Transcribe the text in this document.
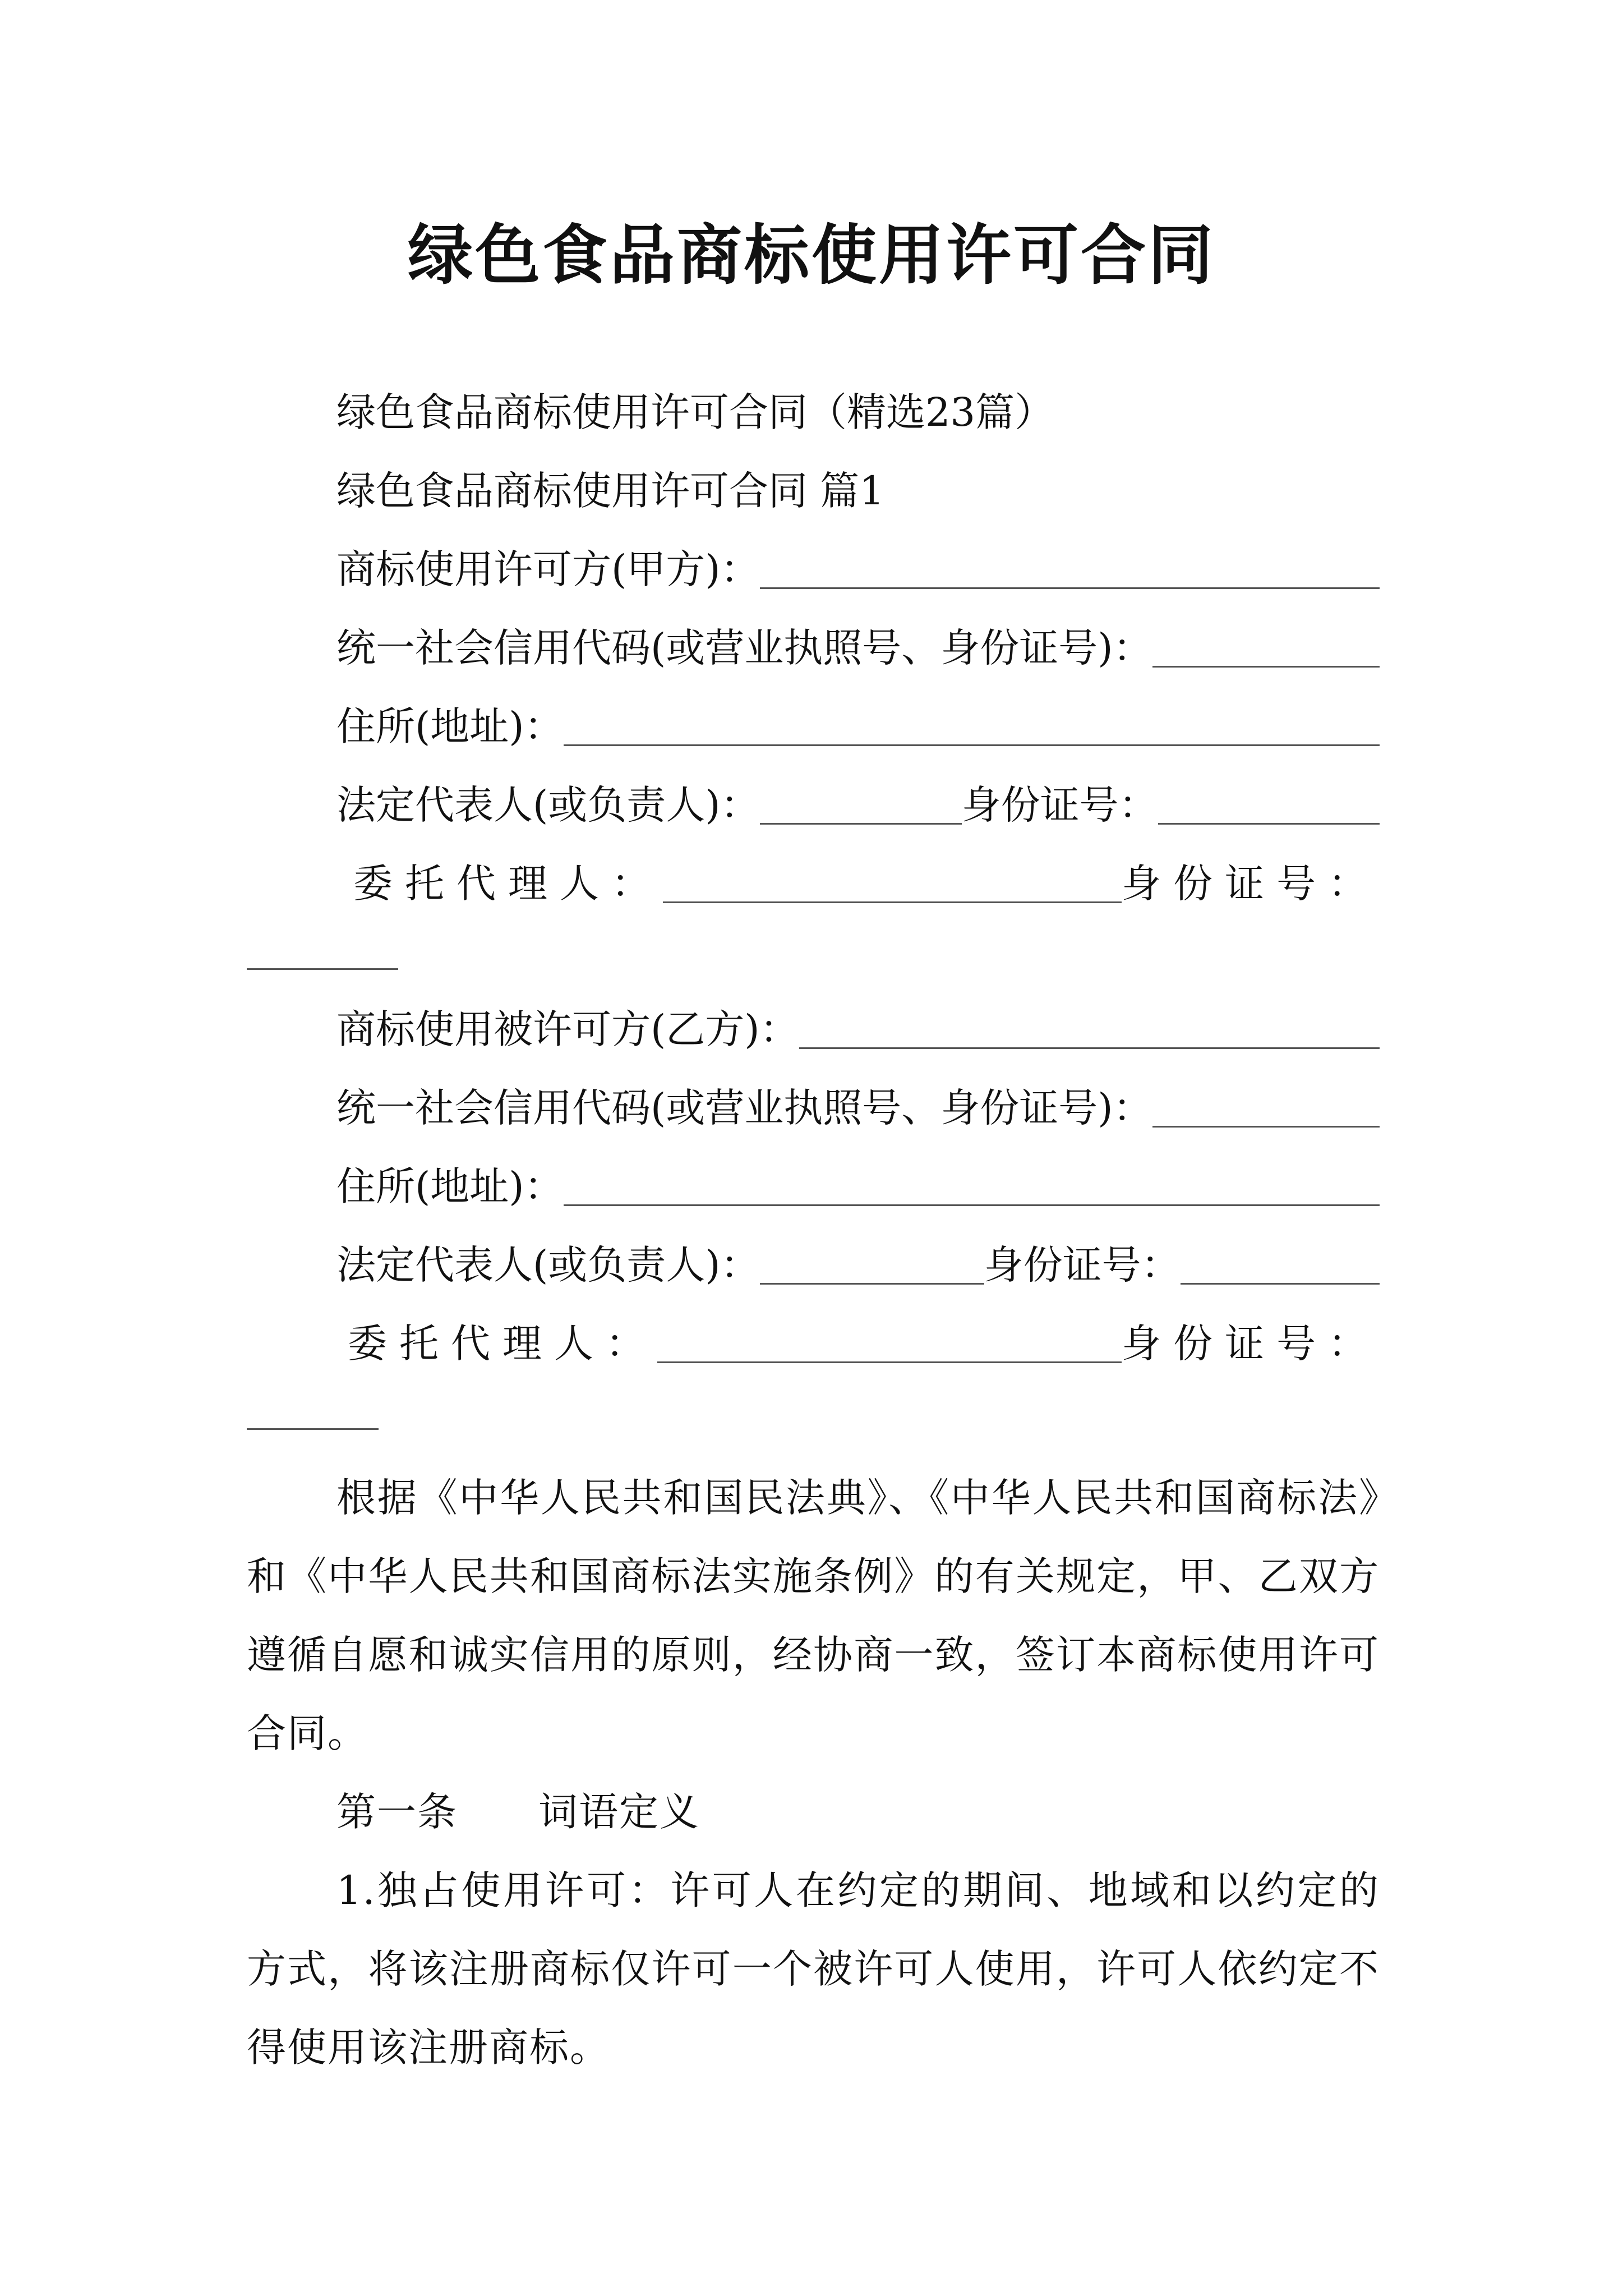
绿色食品商标使用许可合同
绿色食品商标使用许可合同（精选23篇）
绿色食品商标使用许可合同 篇1
商标使用许可方(甲方)：
统一社会信用代码(或营业执照号、身份证号)：
住所(地址)：
法定代表人(或负责人)：	身份证号：
委托代理人：	身份证号：
商标使用被许可方(乙方)：
统一社会信用代码(或营业执照号、身份证号)：
住所(地址)：
法定代表人(或负责人)：	身份证号：
委托代理人：	身份证号：
根据《中华人民共和国民法典》、《中华人民共和国商标法》和《中华人民共和国商标法实施条例》的有关规定，甲、乙双方遵循自愿和诚实信用的原则，经协商一致，签订本商标使用许可合同。
第一条　　词语定义
1.独占使用许可：许可人在约定的期间、地域和以约定的方式，将该注册商标仅许可一个被许可人使用，许可人依约定不得使用该注册商标。
